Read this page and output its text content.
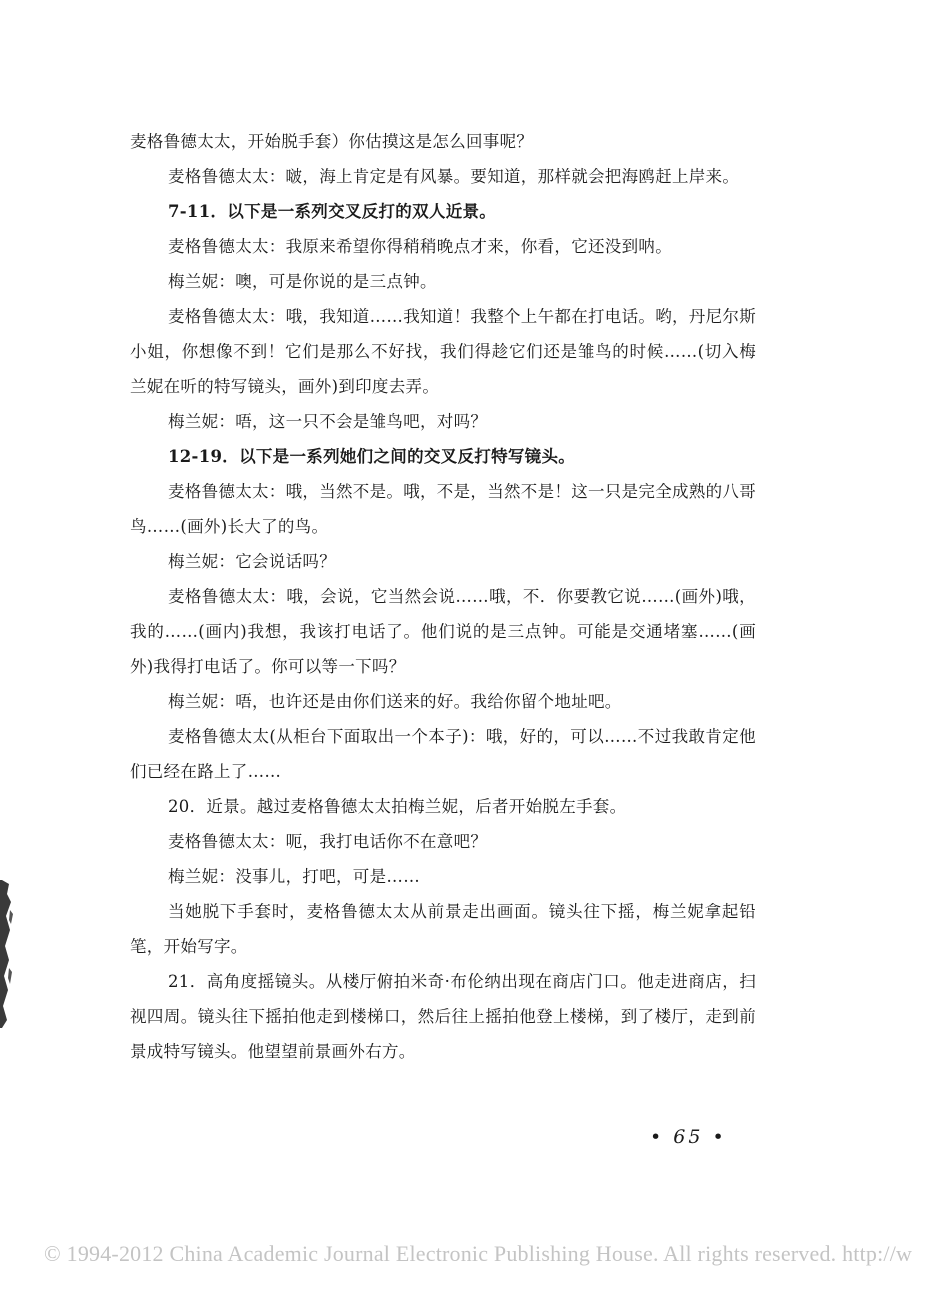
麦格鲁德太太，开始脱手套）你估摸这是怎么回事呢？

麦格鲁德太太：啵，海上肯定是有风暴。要知道，那样就会把海鸥赶上岸来。

7-11．以下是一系列交叉反打的双人近景。

麦格鲁德太太：我原来希望你得稍稍晚点才来，你看，它还没到呐。

梅兰妮：噢，可是你说的是三点钟。

麦格鲁德太太：哦，我知道……我知道！我整个上午都在打电话。哟，丹尼尔斯小姐，你想像不到！它们是那么不好找，我们得趁它们还是雏鸟的时候……(切入梅兰妮在听的特写镜头，画外)到印度去弄。

梅兰妮：唔，这一只不会是雏鸟吧，对吗？

12-19．以下是一系列她们之间的交叉反打特写镜头。

麦格鲁德太太：哦，当然不是。哦，不是，当然不是！这一只是完全成熟的八哥鸟……(画外)长大了的鸟。

梅兰妮：它会说话吗？

麦格鲁德太太：哦，会说，它当然会说……哦，不．你要教它说……(画外)哦，我的……(画内)我想，我该打电话了。他们说的是三点钟。可能是交通堵塞……(画外)我得打电话了。你可以等一下吗？

梅兰妮：唔，也许还是由你们送来的好。我给你留个地址吧。

麦格鲁德太太(从柜台下面取出一个本子)：哦，好的，可以……不过我敢肯定他们已经在路上了……

20．近景。越过麦格鲁德太太拍梅兰妮，后者开始脱左手套。

麦格鲁德太太：呃，我打电话你不在意吧？

梅兰妮：没事儿，打吧，可是……

当她脱下手套时，麦格鲁德太太从前景走出画面。镜头往下摇，梅兰妮拿起铅笔，开始写字。

21．高角度摇镜头。从楼厅俯拍米奇·布伦纳出现在商店门口。他走进商店，扫视四周。镜头往下摇拍他走到楼梯口，然后往上摇拍他登上楼梯，到了楼厅，走到前景成特写镜头。他望望前景画外右方。

• 65 •
© 1994-2012 China Academic Journal Electronic Publishing House. All rights reserved. http://w
